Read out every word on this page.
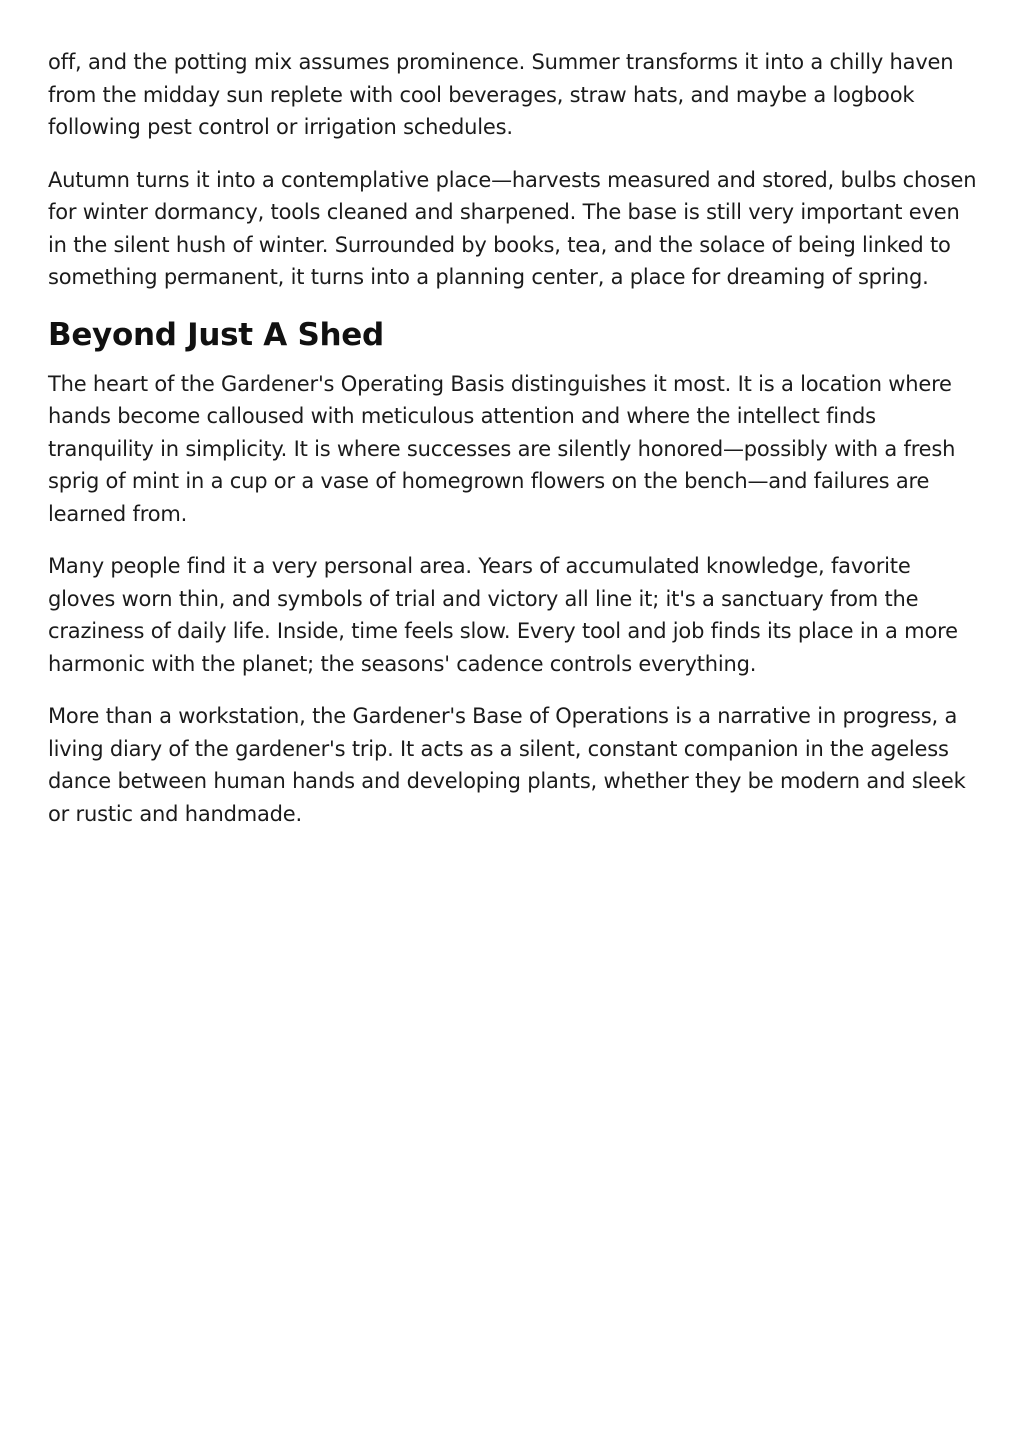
off, and the potting mix assumes prominence. Summer transforms it into a chilly haven from the midday sun replete with cool beverages, straw hats, and maybe a logbook following pest control or irrigation schedules.

Autumn turns it into a contemplative place—harvests measured and stored, bulbs chosen for winter dormancy, tools cleaned and sharpened. The base is still very important even in the silent hush of winter. Surrounded by books, tea, and the solace of being linked to something permanent, it turns into a planning center, a place for dreaming of spring.

Beyond Just A Shed

The heart of the Gardener's Operating Basis distinguishes it most. It is a location where hands become calloused with meticulous attention and where the intellect finds tranquility in simplicity. It is where successes are silently honored—possibly with a fresh sprig of mint in a cup or a vase of homegrown flowers on the bench—and failures are learned from.

Many people find it a very personal area. Years of accumulated knowledge, favorite gloves worn thin, and symbols of trial and victory all line it; it's a sanctuary from the craziness of daily life. Inside, time feels slow. Every tool and job finds its place in a more harmonic with the planet; the seasons' cadence controls everything.

More than a workstation, the Gardener's Base of Operations is a narrative in progress, a living diary of the gardener's trip. It acts as a silent, constant companion in the ageless dance between human hands and developing plants, whether they be modern and sleek or rustic and handmade.
